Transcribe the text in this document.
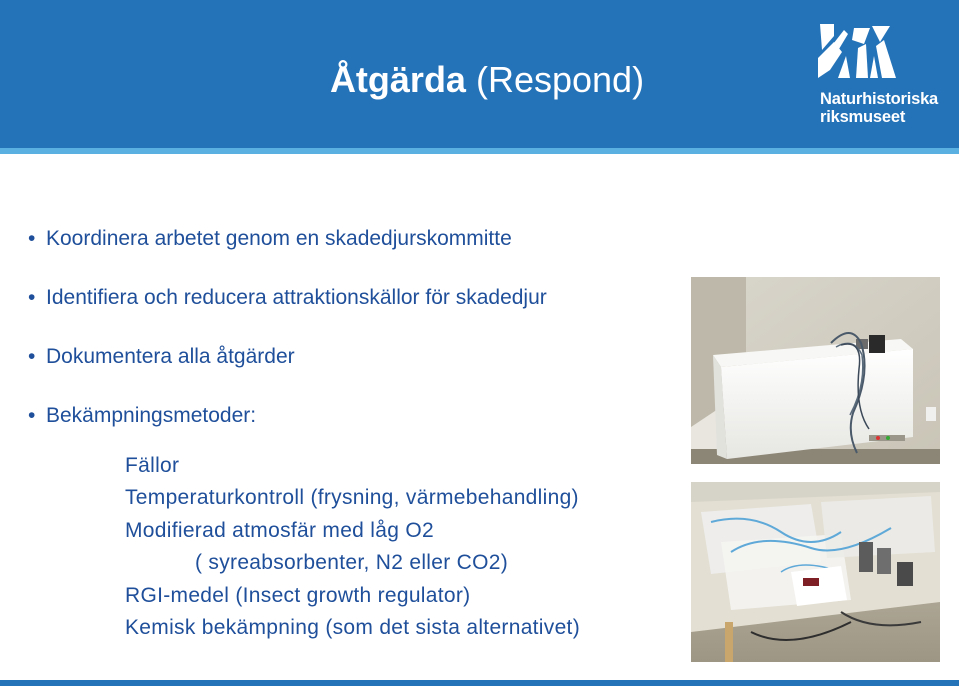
Åtgärda (Respond)	Naturhistoriska
riksmuseet
• Koordinera arbetet genom en skadedjurskommitte
• Identifiera och reducera attraktionskällor för skadedjur
• Dokumentera alla åtgärder
• Bekämpningsmetoder:
Fällor
Temperaturkontroll (frysning, värmebehandling)
Modifierad atmosfär med låg O2
( syreabsorbenter, N2 eller CO2)
RGI-medel (Insect growth regulator)
Kemisk bekämpning (som det sista alternativet)
